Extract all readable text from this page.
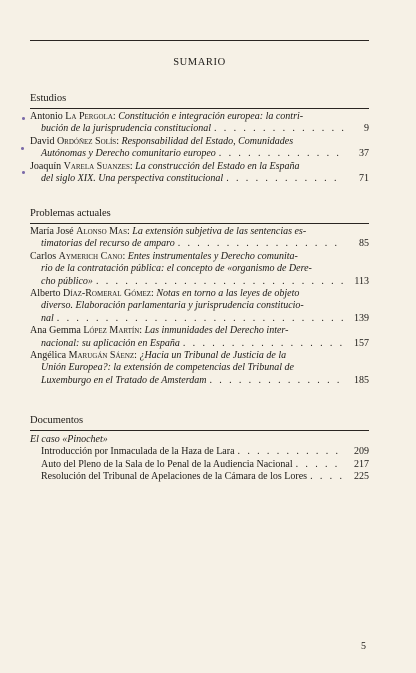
SUMARIO
Estudios
Antonio La Pergola: Constitución e integración europea: la contri-
bución de la jurisprudencia constitucional . . .	9
David Ordóñez Solís: Responsabilidad del Estado, Comunidades
Autónomas y Derecho comunitario europeo . . .	37
Joaquín Varela Suanzes: La construcción del Estado en la España
del siglo XIX. Una perspectiva constitucional . . .	71
Problemas actuales
María José Alonso Mas: La extensión subjetiva de las sentencias es-
timatorias del recurso de amparo . . .	85
Carlos Aymerich Cano: Entes instrumentales y Derecho comunita-
rio de la contratación pública: el concepto de «organismo de Dere-
cho público» . . .	113
Alberto Díaz-Romeral Gómez: Notas en torno a las leyes de objeto
diverso. Elaboración parlamentaria y jurisprudencia constitucio-
nal . . .	139
Ana Gemma López Martín: Las inmunidades del Derecho inter-
nacional: su aplicación en España . . .	157
Angélica Marugán Sáenz: ¿Hacia un Tribunal de Justicia de la
Unión Europea?: la extensión de competencias del Tribunal de
Luxemburgo en el Tratado de Amsterdam . . .	185
Documentos
El caso «Pinochet»
Introducción por Inmaculada de la Haza de Lara . . .	209
Auto del Pleno de la Sala de lo Penal de la Audiencia Nacional . . .	217
Resolución del Tribunal de Apelaciones de la Cámara de los Lores . . .	225
5
